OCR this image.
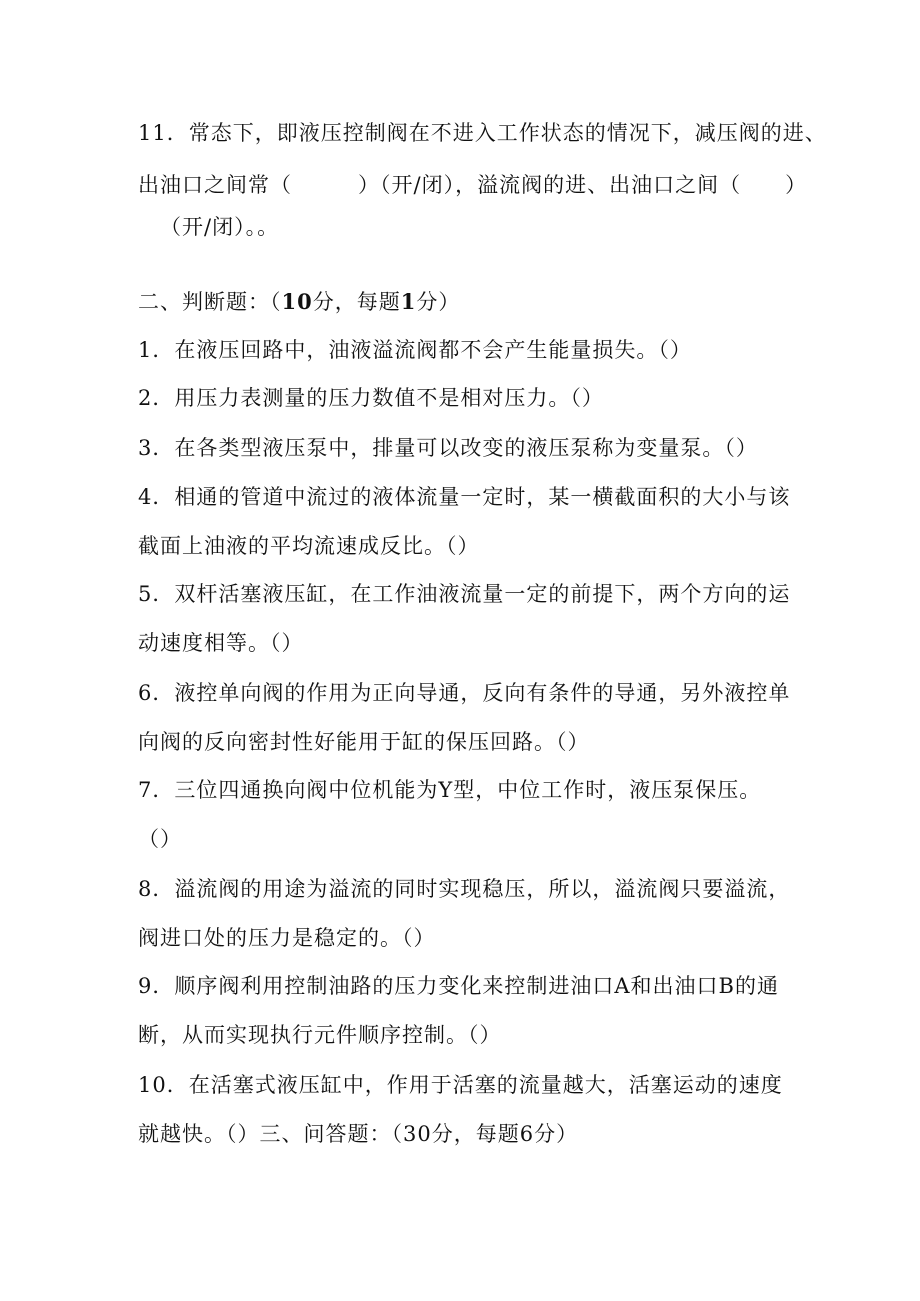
11．常态下，即液压控制阀在不进入工作状态的情况下，减压阀的进、
出油口之间常（　　　）（开/闭），溢流阀的进、出油口之间（　　）
（开/闭）。。
二、判断题：（10分，每题1分）
1．在液压回路中，油液溢流阀都不会产生能量损失。（）
2．用压力表测量的压力数值不是相对压力。（）
3．在各类型液压泵中，排量可以改变的液压泵称为变量泵。（）
4．相通的管道中流过的液体流量一定时，某一横截面积的大小与该
截面上油液的平均流速成反比。（）
5．双杆活塞液压缸，在工作油液流量一定的前提下，两个方向的运
动速度相等。（）
6．液控单向阀的作用为正向导通，反向有条件的导通，另外液控单
向阀的反向密封性好能用于缸的保压回路。（）
7．三位四通换向阀中位机能为Y型，中位工作时，液压泵保压。
（）
8．溢流阀的用途为溢流的同时实现稳压，所以，溢流阀只要溢流，
阀进口处的压力是稳定的。（）
9．顺序阀利用控制油路的压力变化来控制进油口A和出油口B的通
断，从而实现执行元件顺序控制。（）
10．在活塞式液压缸中，作用于活塞的流量越大，活塞运动的速度
就越快。（）三、问答题：（30分，每题6分）
